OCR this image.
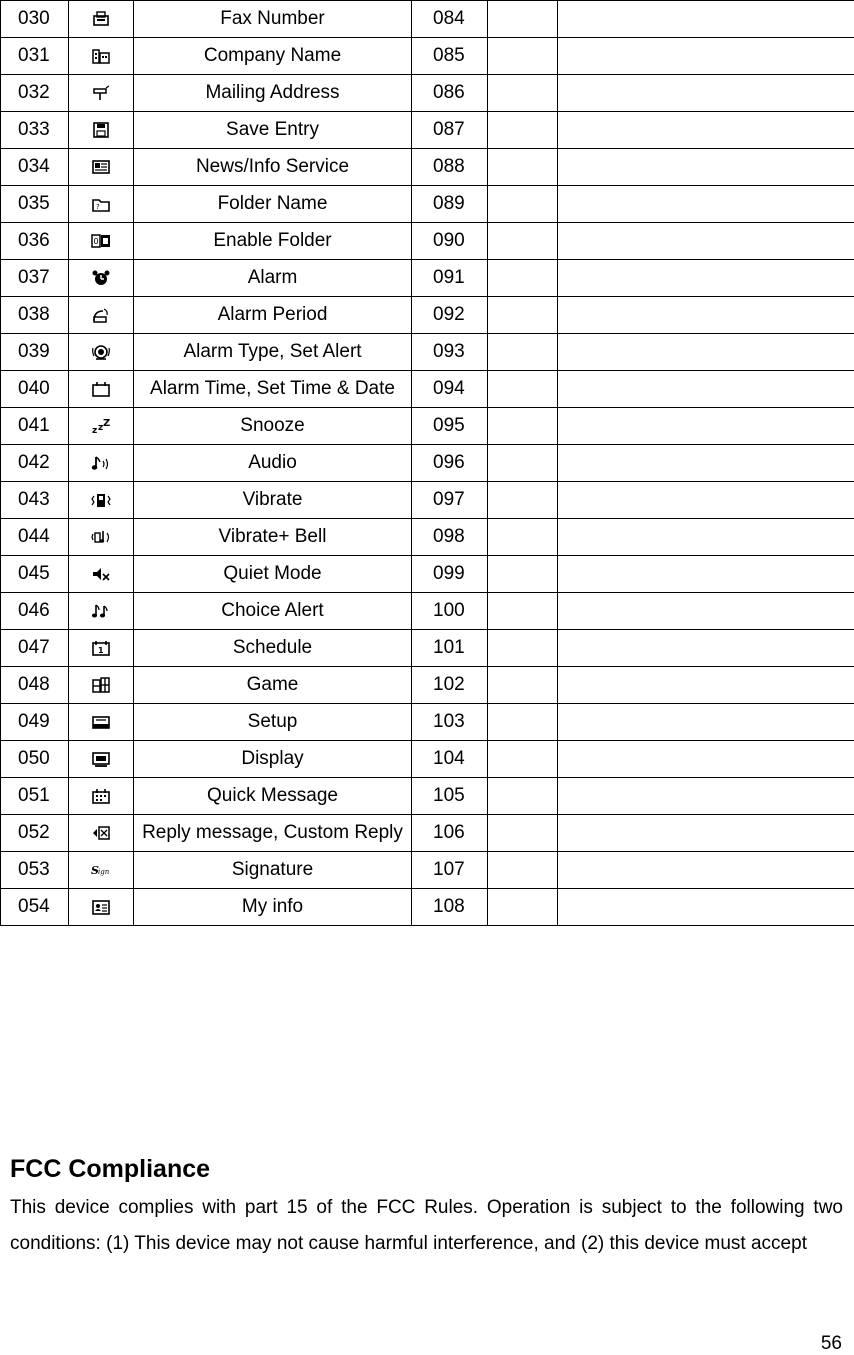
030		Fax Number	084		
031		Company Name	085		
032		Mailing Address	086		
033		Save Entry	087		
034		News/Info Service	088		
035	?	Folder Name	089		
036	0	Enable Folder	090		
037		Alarm	091		
038		Alarm Period	092		
039		Alarm Type, Set Alert	093		
040		Alarm Time, Set Time & Date	094		
041	z z Z	Snooze	095		
042		Audio	096		
043		Vibrate	097		
044		Vibrate+ Bell	098		
045		Quiet Mode	099		
046		Choice Alert	100		
047	1	Schedule	101		
048		Game	102		
049		Setup	103		
050		Display	104		
051		Quick Message	105		
052		Reply message, Custom Reply	106		
053	S ign	Signature	107		
054		My info	108		
FCC Compliance

This device complies with part 15 of the FCC Rules. Operation is subject to the following two conditions: (1) This device may not cause harmful interference, and (2) this device must accept

56
